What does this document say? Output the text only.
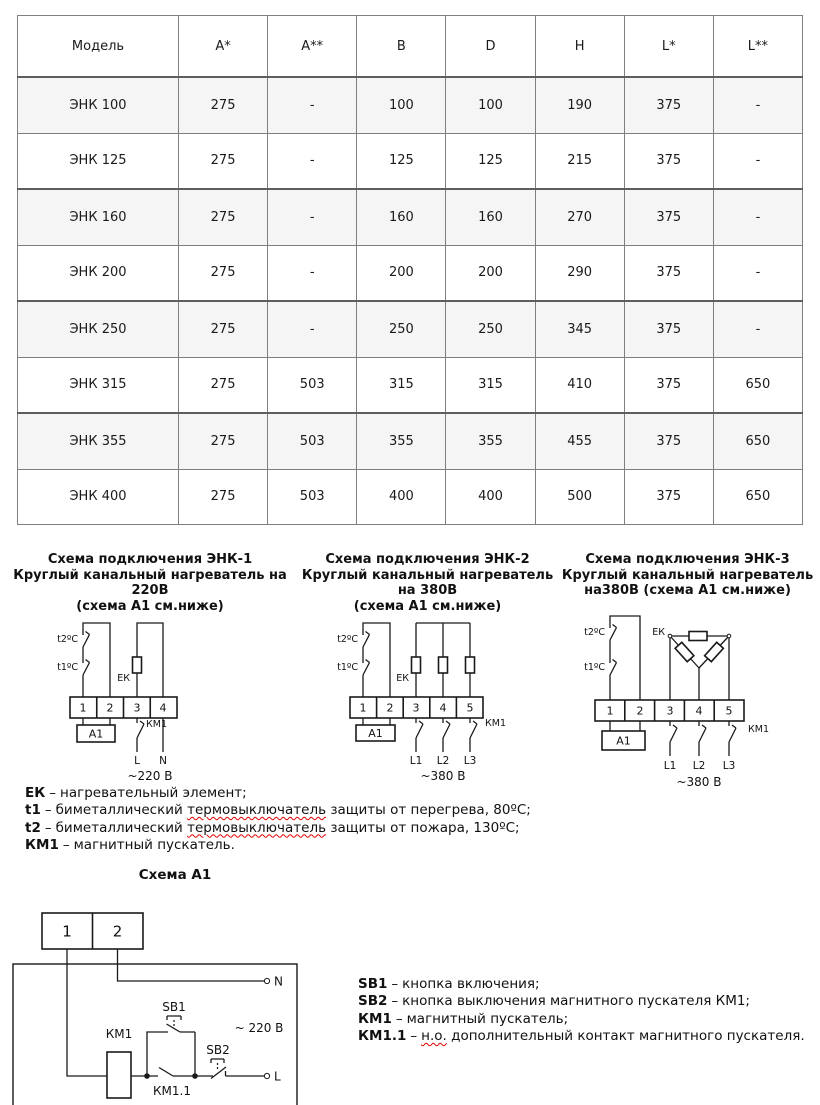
Модель	A*	A**	B	D	H	L*	L**
ЭНК 100	275	-	100	100	190	375	-
ЭНК 125	275	-	125	125	215	375	-
ЭНК 160	275	-	160	160	270	375	-
ЭНК 200	275	-	200	200	290	375	-
ЭНК 250	275	-	250	250	345	375	-
ЭНК 315	275	503	315	315	410	375	650
ЭНК 355	275	503	355	355	455	375	650
ЭНК 400	275	503	400	400	500	375	650
Схема подключения ЭНК-1
Круглый канальный нагреватель на 220В
(схема А1 см.ниже)
t2ºC
t1ºC
ЕК
1 2 3 4
А1
КМ1
L N
~220 В
Схема подключения ЭНК-2
Круглый канальный нагреватель на 380В
(схема А1 см.ниже)
t2ºC
t1ºC
ЕК
1 2 3 4 5
А1
КМ1
L1 L2 L3
~380 В
Схема подключения ЭНК-3
Круглый канальный нагреватель
на380В (схема А1 см.ниже)
t2ºC
t1ºC
ЕК
1 2 3 4 5
А1
КМ1
L1 L2 L3
~380 В
ЕК – нагревательный элемент;
t1 – биметаллический термовыключатель защиты от перегрева, 80ºС;
t2 – биметаллический термовыключатель защиты от пожара, 130ºС;
КМ1 – магнитный пускатель.
Схема А1
1	2
N
КМ1
КМ1.1
SB1
SB2
L
~ 220 В
SB1 – кнопка включения;
SB2 – кнопка выключения магнитного пускателя КМ1;
КМ1 – магнитный пускатель;
КМ1.1 – н.о. дополнительный контакт магнитного пускателя.
